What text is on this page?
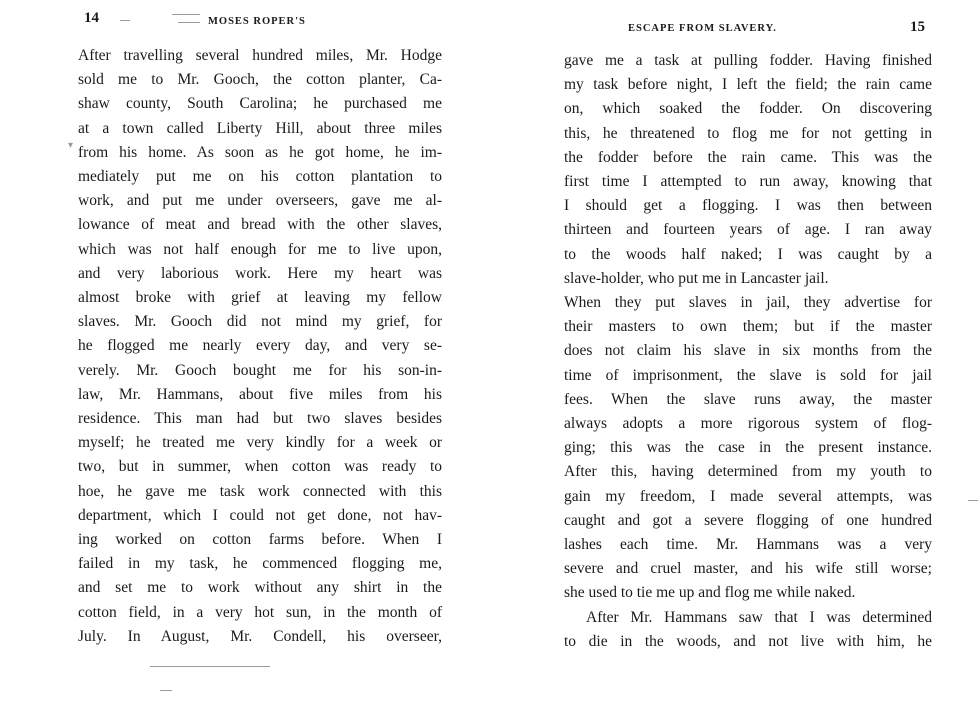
14	MOSES ROPER'S
After travelling several hundred miles, Mr. Hodge
sold me to Mr. Gooch, the cotton planter, Ca-
shaw county, South Carolina; he purchased me
at a town called Liberty Hill, about three miles
from his home. As soon as he got home, he im-
mediately put me on his cotton plantation to
work, and put me under overseers, gave me al-
lowance of meat and bread with the other slaves,
which was not half enough for me to live upon,
and very laborious work. Here my heart was
almost broke with grief at leaving my fellow
slaves. Mr. Gooch did not mind my grief, for
he flogged me nearly every day, and very se-
verely. Mr. Gooch bought me for his son-in-
law, Mr. Hammans, about five miles from his
residence. This man had but two slaves besides
myself; he treated me very kindly for a week or
two, but in summer, when cotton was ready to
hoe, he gave me task work connected with this
department, which I could not get done, not hav-
ing worked on cotton farms before. When I
failed in my task, he commenced flogging me,
and set me to work without any shirt in the
cotton field, in a very hot sun, in the month of
July. In August, Mr. Condell, his overseer,
▾
ESCAPE FROM SLAVERY.	15
gave me a task at pulling fodder. Having finished
my task before night, I left the field; the rain came
on, which soaked the fodder. On discovering
this, he threatened to flog me for not getting in
the fodder before the rain came. This was the
first time I attempted to run away, knowing that
I should get a flogging. I was then between
thirteen and fourteen years of age. I ran away
to the woods half naked; I was caught by a
slave-holder, who put me in Lancaster jail.
When they put slaves in jail, they advertise for
their masters to own them; but if the master
does not claim his slave in six months from the
time of imprisonment, the slave is sold for jail
fees. When the slave runs away, the master
always adopts a more rigorous system of flog-
ging; this was the case in the present instance.
After this, having determined from my youth to
gain my freedom, I made several attempts, was
caught and got a severe flogging of one hundred
lashes each time. Mr. Hammans was a very
severe and cruel master, and his wife still worse;
she used to tie me up and flog me while naked.
After Mr. Hammans saw that I was determined
to die in the woods, and not live with him, he
